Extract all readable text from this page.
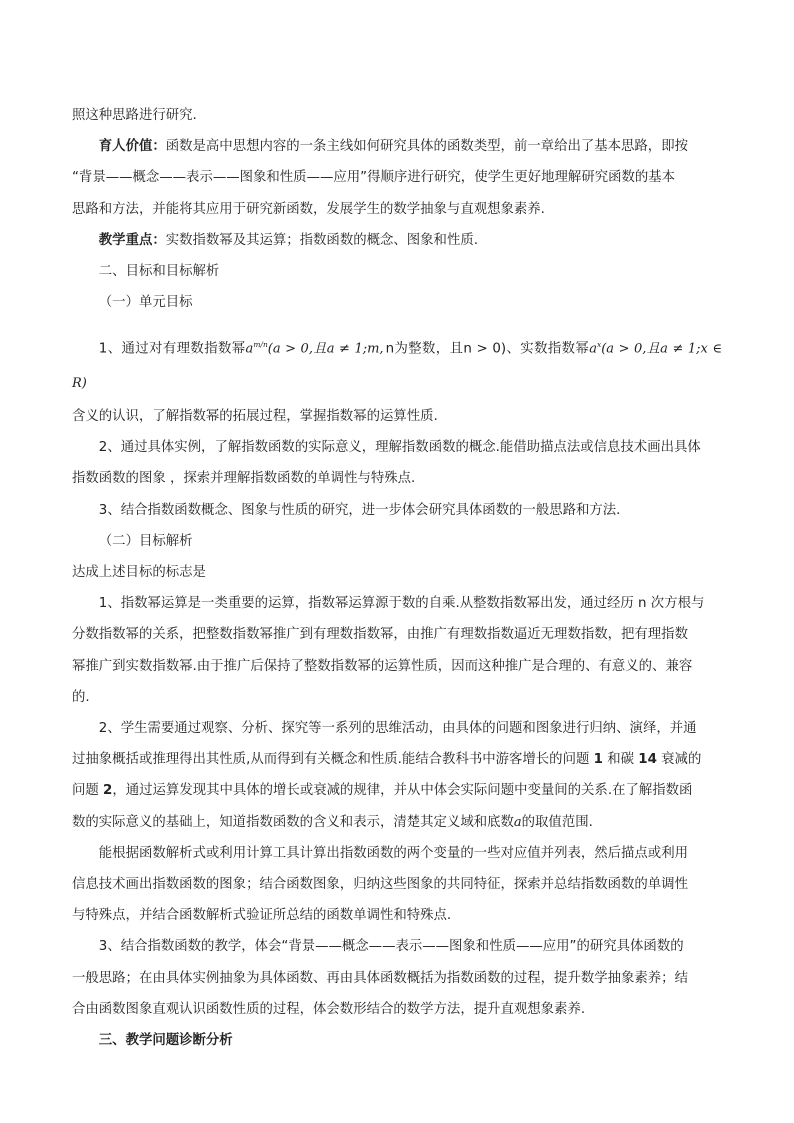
照这种思路进行研究.

育人价值：函数是高中思想内容的一条主线如何研究具体的函数类型，前一章给出了基本思路，即按

“背景——概念——表示——图象和性质——应用”得顺序进行研究，使学生更好地理解研究函数的基本

思路和方法，并能将其应用于研究新函数，发展学生的数学抽象与直观想象素养.

教学重点：实数指数幂及其运算；指数函数的概念、图象和性质.

二、目标和目标解析

（一）单元目标

1、通过对有理数指数幂$a^{m/n}(a > 0$,且a ≠ 1;m, n为整数，且n > 0)、实数指数幂$a^x(a > 0$,且a ≠ 1;x ∈ R)

含义的认识，了解指数幂的拓展过程，掌握指数幂的运算性质.

2、通过具体实例，了解指数函数的实际意义，理解指数函数的概念.能借助描点法或信息技术画出具体

指数函数的图象 ，探索并理解指数函数的单调性与特殊点.

3、结合指数函数概念、图象与性质的研究，进一步体会研究具体函数的一般思路和方法.

（二）目标解析

达成上述目标的标志是

1、指数幂运算是一类重要的运算，指数幂运算源于数的自乘.从整数指数幂出发，通过经历 n 次方根与

分数指数幂的关系，把整数指数幂推广到有理数指数幂，由推广有理数指数逼近无理数指数，把有理指数

幂推广到实数指数幂.由于推广后保持了整数指数幂的运算性质，因而这种推广是合理的、有意义的、兼容

的.

2、学生需要通过观察、分析、探究等一系列的思维活动，由具体的问题和图象进行归纳、演绎，并通

过抽象概括或推理得出其性质,从而得到有关概念和性质.能结合教科书中游客增长的问题 1 和碳 14 衰减的

问题 2，通过运算发现其中具体的增长或衰减的规律，并从中体会实际问题中变量间的关系.在了解指数函

数的实际意义的基础上，知道指数函数的含义和表示，清楚其定义域和底数a的取值范围.

能根据函数解析式或利用计算工具计算出指数函数的两个变量的一些对应值并列表，然后描点或利用

信息技术画出指数函数的图象；结合函数图象，归纳这些图象的共同特征，探索并总结指数函数的单调性

与特殊点，并结合函数解析式验证所总结的函数单调性和特殊点.

3、结合指数函数的教学，体会“背景——概念——表示——图象和性质——应用”的研究具体函数的

一般思路；在由具体实例抽象为具体函数、再由具体函数概括为指数函数的过程，提升数学抽象素养；结

合由函数图象直观认识函数性质的过程，体会数形结合的数学方法，提升直观想象素养.

三、教学问题诊断分析
